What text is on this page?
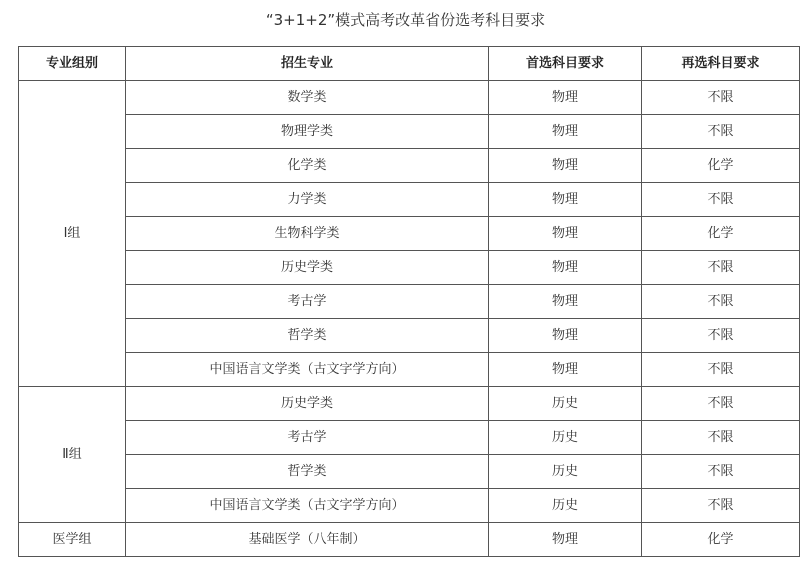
“3+1+2”模式高考改革省份选考科目要求
专业组别	招生专业	首选科目要求	再选科目要求
Ⅰ组	数学类	物理	不限
	物理学类	物理	不限
	化学类	物理	化学
	力学类	物理	不限
	生物科学类	物理	化学
	历史学类	物理	不限
	考古学	物理	不限
	哲学类	物理	不限
	中国语言文学类（古文字学方向）	物理	不限
Ⅱ组	历史学类	历史	不限
	考古学	历史	不限
	哲学类	历史	不限
	中国语言文学类（古文字学方向）	历史	不限
医学组	基础医学（八年制）	物理	化学
